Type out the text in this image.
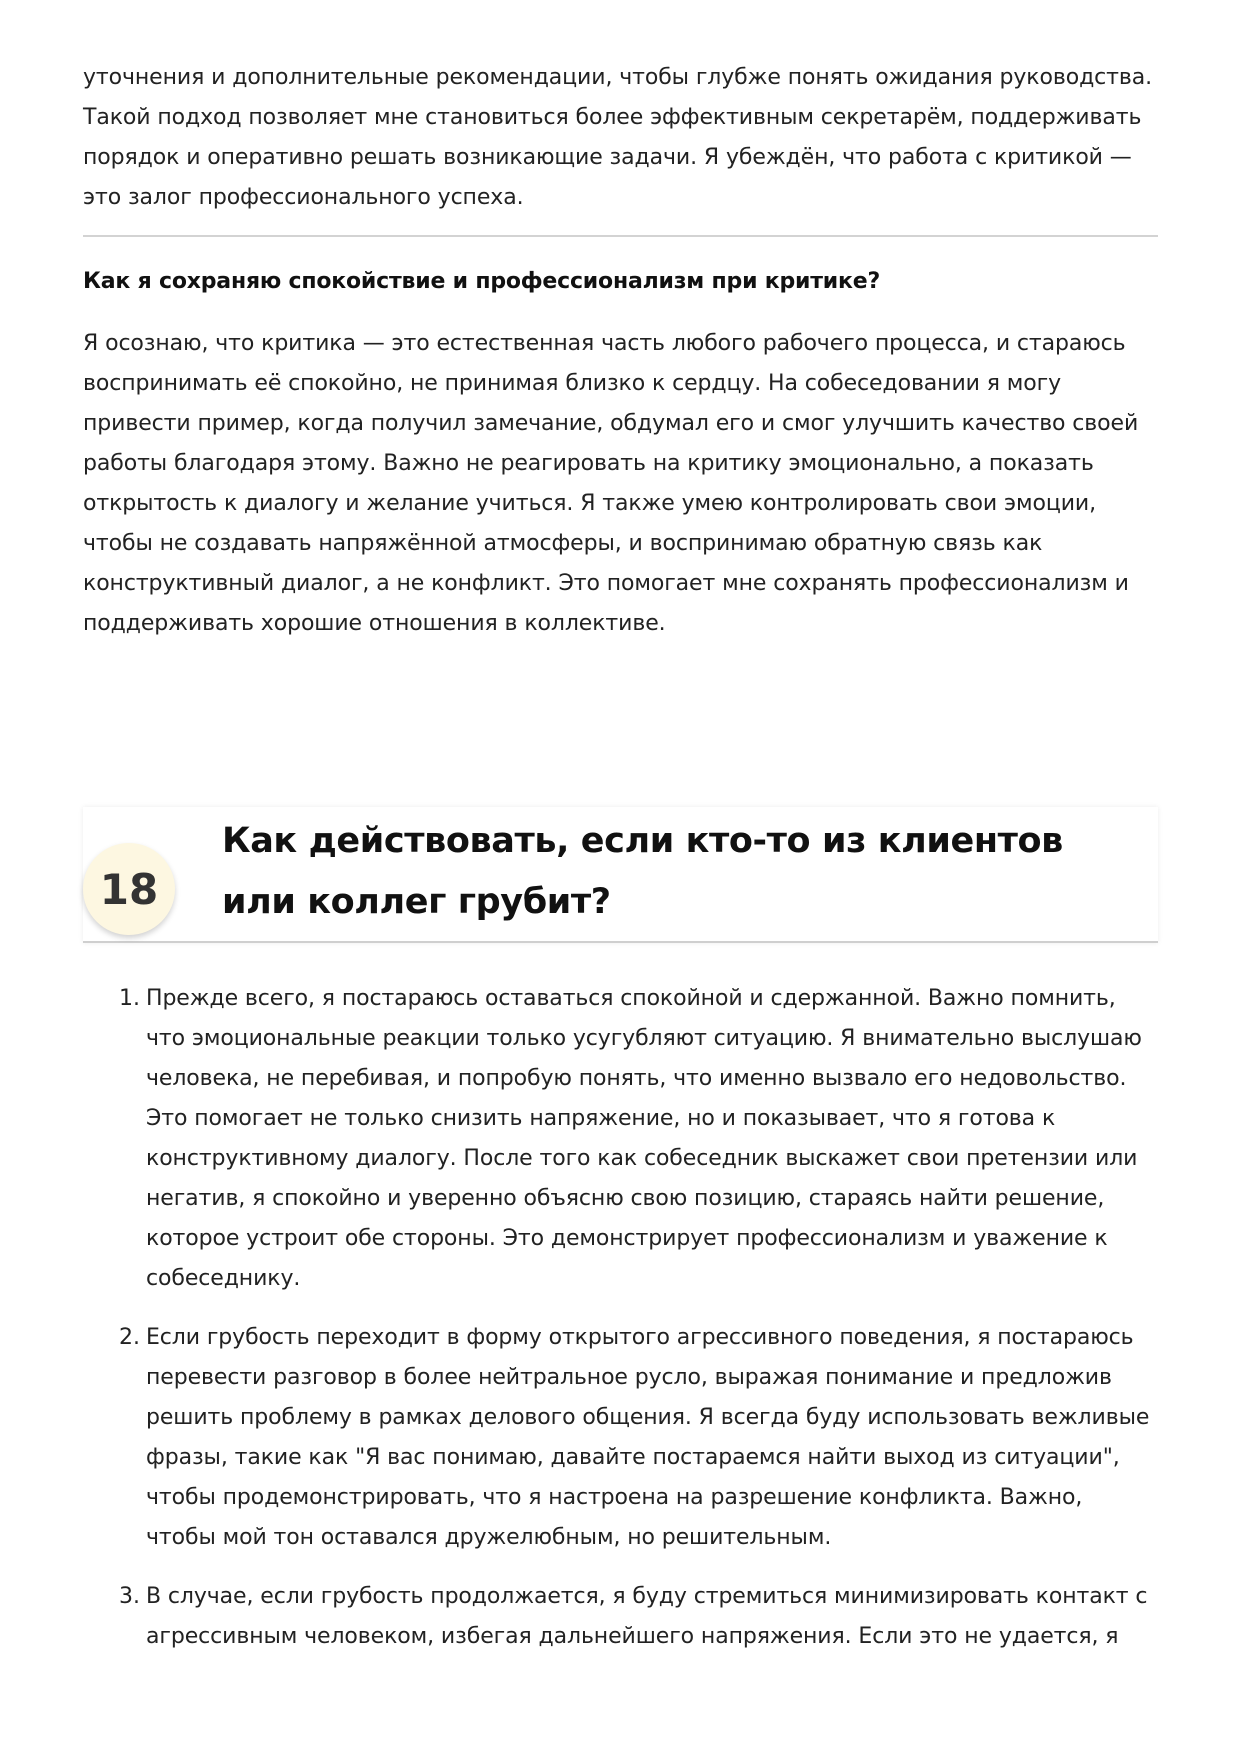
уточнения и дополнительные рекомендации, чтобы глубже понять ожидания руководства. Такой подход позволяет мне становиться более эффективным секретарём, поддерживать порядок и оперативно решать возникающие задачи. Я убеждён, что работа с критикой — это залог профессионального успеха.

Как я сохраняю спокойствие и профессионализм при критике?

Я осознаю, что критика — это естественная часть любого рабочего процесса, и стараюсь воспринимать её спокойно, не принимая близко к сердцу. На собеседовании я могу привести пример, когда получил замечание, обдумал его и смог улучшить качество своей работы благодаря этому. Важно не реагировать на критику эмоционально, а показать открытость к диалогу и желание учиться. Я также умею контролировать свои эмоции, чтобы не создавать напряжённой атмосферы, и воспринимаю обратную связь как конструктивный диалог, а не конфликт. Это помогает мне сохранять профессионализм и поддерживать хорошие отношения в коллективе.

18
Как действовать, если кто-то из клиентов или коллег грубит?
1. Прежде всего, я постараюсь оставаться спокойной и сдержанной. Важно помнить, что эмоциональные реакции только усугубляют ситуацию. Я внимательно выслушаю человека, не перебивая, и попробую понять, что именно вызвало его недовольство. Это помогает не только снизить напряжение, но и показывает, что я готова к конструктивному диалогу. После того как собеседник выскажет свои претензии или негатив, я спокойно и уверенно объясню свою позицию, стараясь найти решение, которое устроит обе стороны. Это демонстрирует профессионализм и уважение к собеседнику.

2. Если грубость переходит в форму открытого агрессивного поведения, я постараюсь перевести разговор в более нейтральное русло, выражая понимание и предложив решить проблему в рамках делового общения. Я всегда буду использовать вежливые фразы, такие как "Я вас понимаю, давайте постараемся найти выход из ситуации", чтобы продемонстрировать, что я настроена на разрешение конфликта. Важно, чтобы мой тон оставался дружелюбным, но решительным.

3. В случае, если грубость продолжается, я буду стремиться минимизировать контакт с агрессивным человеком, избегая дальнейшего напряжения. Если это не удается, я
